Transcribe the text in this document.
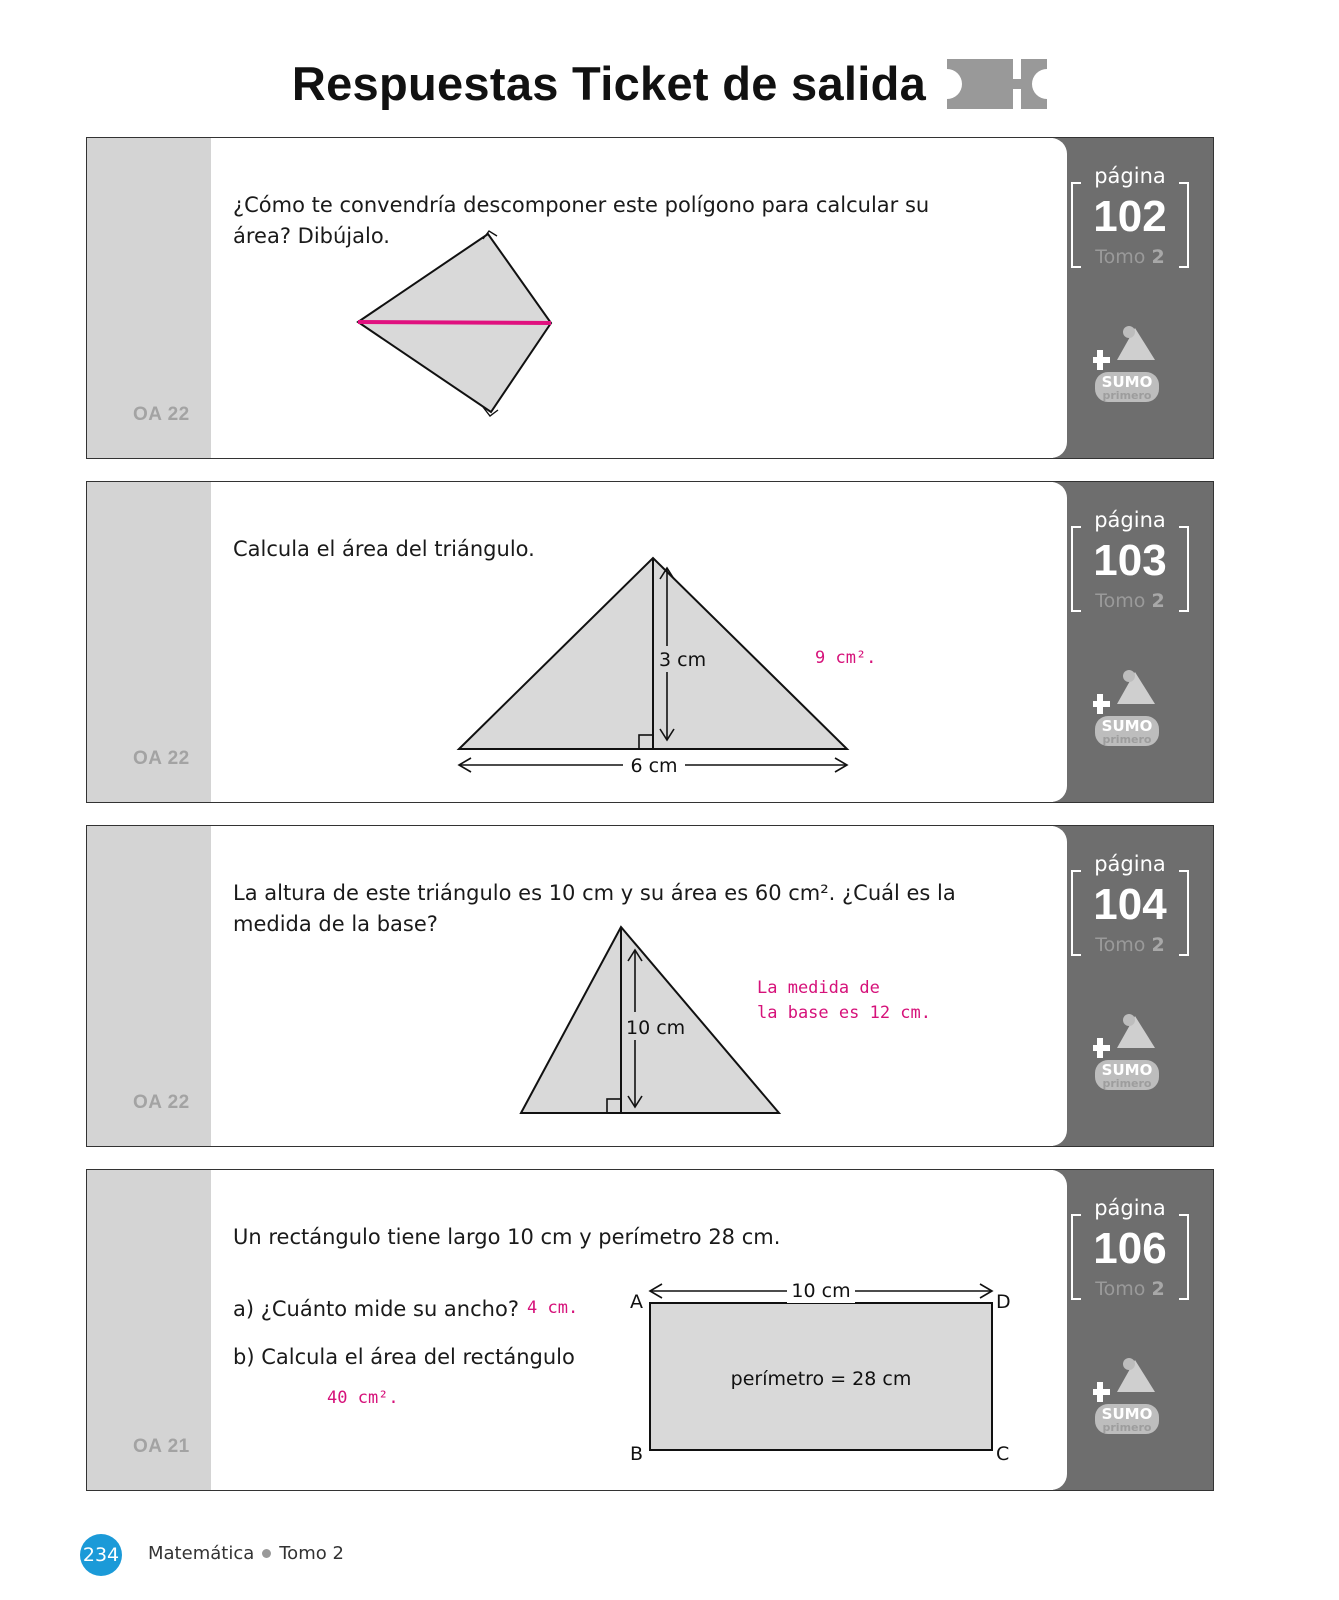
Respuestas Ticket de salida
OA 22
¿Cómo te convendría descomponer este polígono para calcular su área? Dibújalo.
página
102
Tomo 2
SUMO
primero
OA 22
Calcula el área del triángulo.
3 cm
6 cm
9 cm².
página
103
Tomo 2
SUMO
primero
OA 22
La altura de este triángulo es 10 cm y su área es 60 cm². ¿Cuál es la
medida de la base?
10 cm
La medida de
la base es 12 cm.
página
104
Tomo 2
SUMO
primero
OA 21
Un rectángulo tiene largo 10 cm y perímetro 28 cm.
a) ¿Cuánto mide su ancho? 4 cm.
b) Calcula el área del rectángulo
40 cm².
10 cm
perímetro = 28 cm
A
B	C
D
página
106
Tomo 2
SUMO
primero
234 Matemática Tomo 2
